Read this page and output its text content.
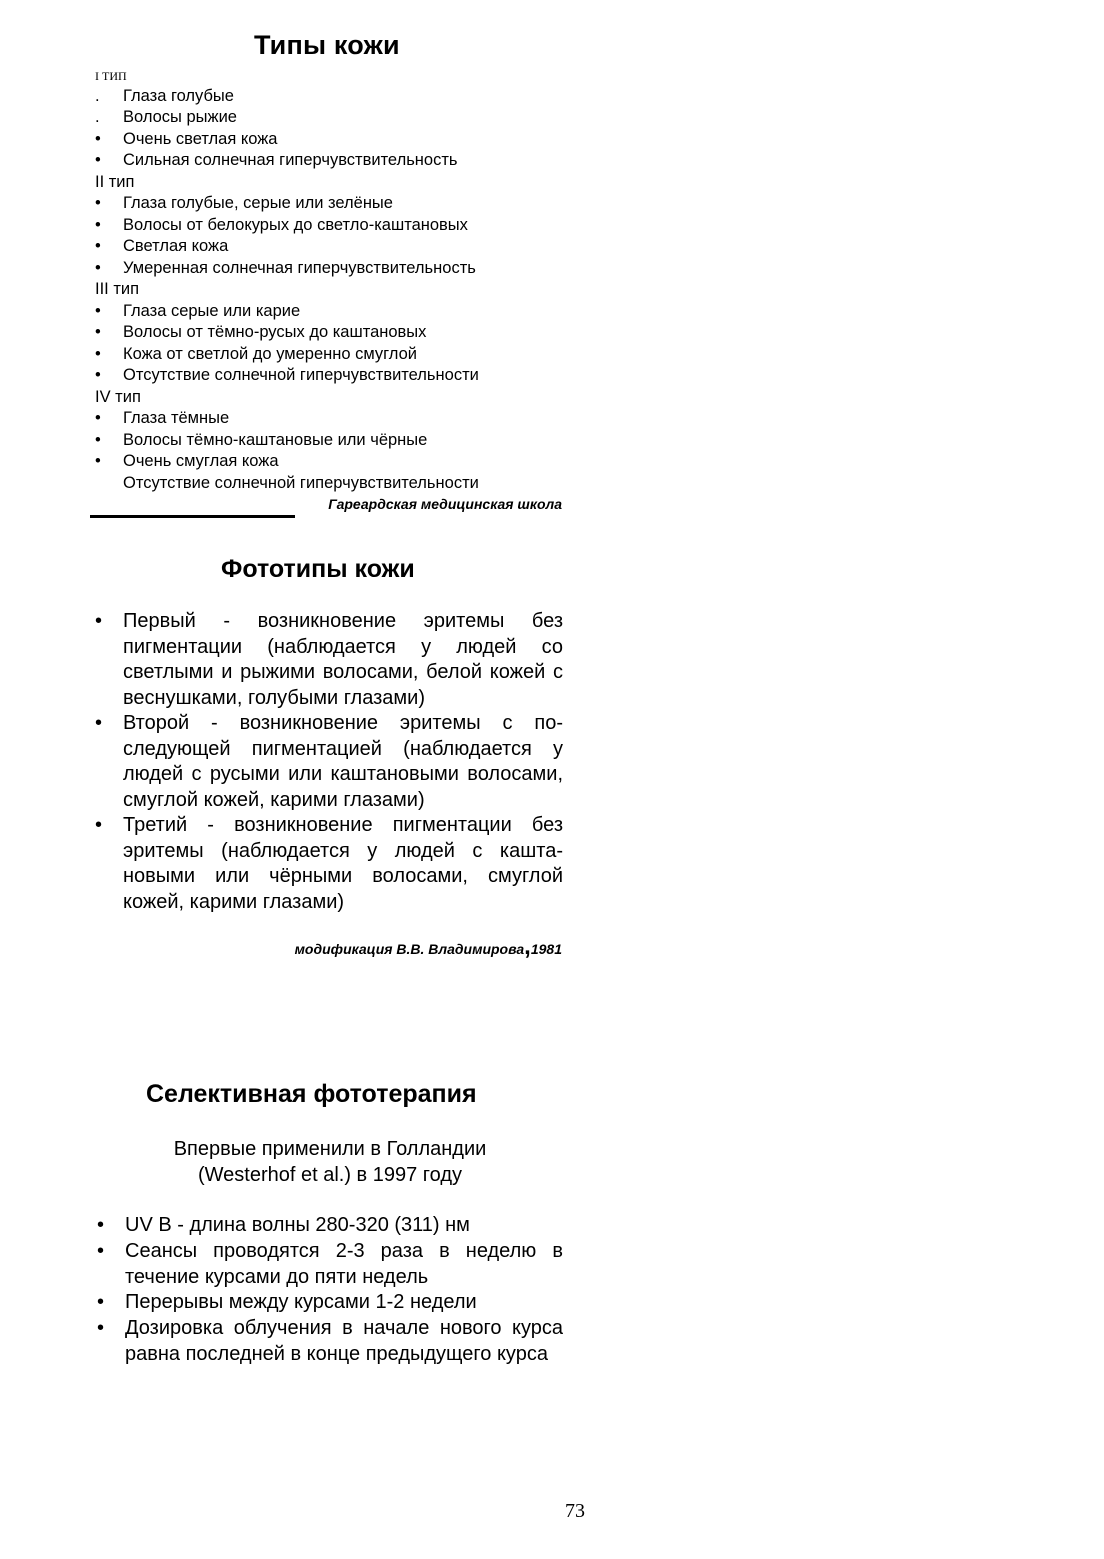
Типы кожи
I ТИП
.	Глаза голубые
.	Волосы рыжие
•	Очень светлая кожа
•	Сильная солнечная гиперчувствительность
II тип
•	Глаза голубые, серые или зелёные
•	Волосы от белокурых до светло-каштановых
•	Светлая кожа
•	Умеренная солнечная гиперчувствительность
III тип
•	Глаза серые или карие
•	Волосы от тёмно-русых до каштановых
•	Кожа от светлой до умеренно смуглой
•	Отсутствие солнечной гиперчувствительности
IV тип
•	Глаза тёмные
•	Волосы тёмно-каштановые или чёрные
•	Очень смуглая кожа
Отсутствие солнечной гиперчувствительности
Гареардская медицинская школа
Фототипы кожи
• Первый - возникновение эритемы без пигментации (наблюдается у людей со светлыми и рыжими волосами, белой кожей с веснушками, голубыми глазами)
• Второй - возникновение эритемы с последующей пигментацией (наблюдается у людей с русыми или каштановыми волосами, смуглой кожей, карими глазами)
• Третий - возникновение пигментации без эритемы (наблюдается у людей с каштановыми или чёрными волосами, смуглой кожей, карими глазами)
модификация В.В. Владимирова,1981
Селективная фототерапия
Впервые применили в Голландии
(Westerhof et al.) в 1997 году
• UV В - длина волны 280-320 (311) нм
• Сеансы проводятся 2-3 раза в неделю в течение курсами до пяти недель
• Перерывы между курсами 1-2 недели
• Дозировка облучения в начале нового курса равна последней в конце предыдущего курса
73
